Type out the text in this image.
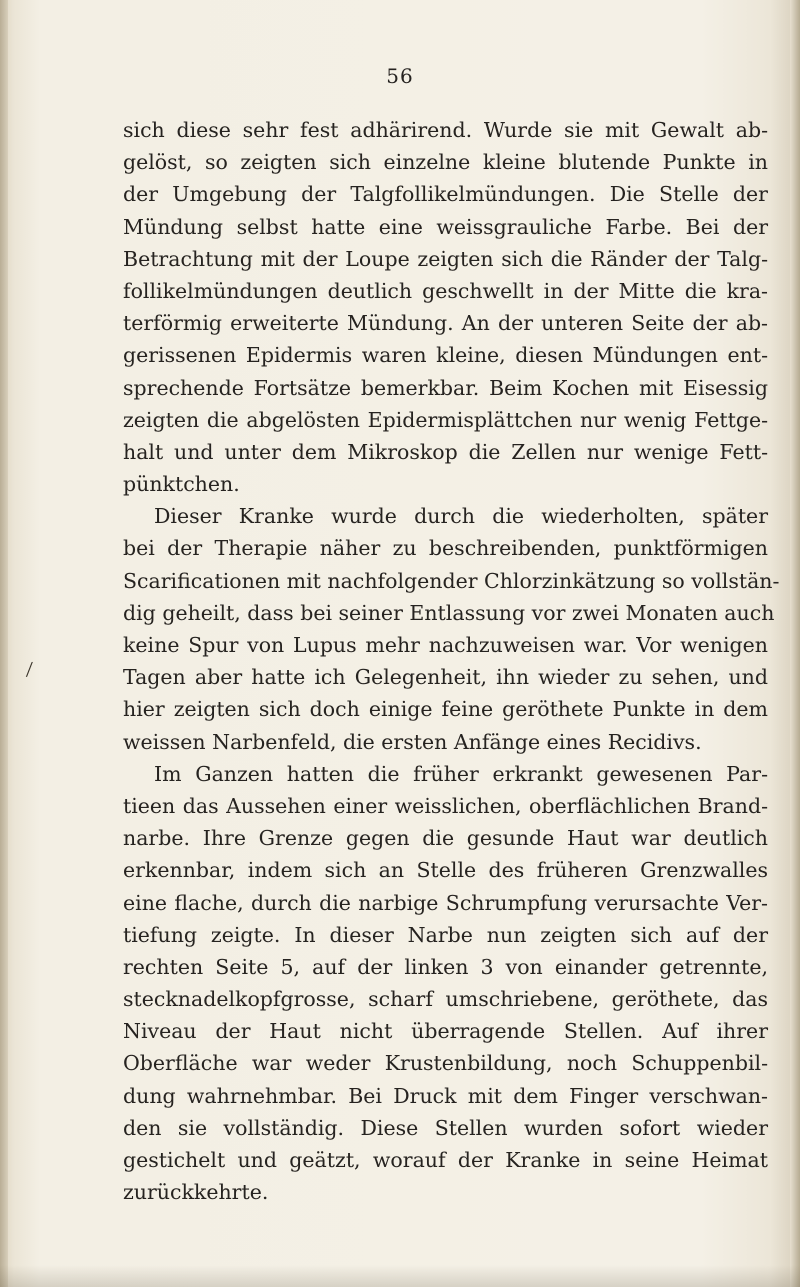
56
⁄
sich diese sehr fest adhärirend. Wurde sie mit Gewalt ab-
gelöst, so zeigten sich einzelne kleine blutende Punkte in
der Umgebung der Talgfollikelmündungen. Die Stelle der
Mündung selbst hatte eine weissgrauliche Farbe. Bei der
Betrachtung mit der Loupe zeigten sich die Ränder der Talg-
follikelmündungen deutlich geschwellt in der Mitte die kra-
terförmig erweiterte Mündung. An der unteren Seite der ab-
gerissenen Epidermis waren kleine, diesen Mündungen ent-
sprechende Fortsätze bemerkbar. Beim Kochen mit Eisessig
zeigten die abgelösten Epidermisplättchen nur wenig Fettge-
halt und unter dem Mikroskop die Zellen nur wenige Fett-
pünktchen.
Dieser Kranke wurde durch die wiederholten, später
bei der Therapie näher zu beschreibenden, punktförmigen
Scarificationen mit nachfolgender Chlorzinkätzung so vollstän-
dig geheilt, dass bei seiner Entlassung vor zwei Monaten auch
keine Spur von Lupus mehr nachzuweisen war. Vor wenigen
Tagen aber hatte ich Gelegenheit, ihn wieder zu sehen, und
hier zeigten sich doch einige feine geröthete Punkte in dem
weissen Narbenfeld, die ersten Anfänge eines Recidivs.
Im Ganzen hatten die früher erkrankt gewesenen Par-
tieen das Aussehen einer weisslichen, oberflächlichen Brand-
narbe. Ihre Grenze gegen die gesunde Haut war deutlich
erkennbar, indem sich an Stelle des früheren Grenzwalles
eine flache, durch die narbige Schrumpfung verursachte Ver-
tiefung zeigte. In dieser Narbe nun zeigten sich auf der
rechten Seite 5, auf der linken 3 von einander getrennte,
stecknadelkopfgrosse, scharf umschriebene, geröthete, das
Niveau der Haut nicht überragende Stellen. Auf ihrer
Oberfläche war weder Krustenbildung, noch Schuppenbil-
dung wahrnehmbar. Bei Druck mit dem Finger verschwan-
den sie vollständig. Diese Stellen wurden sofort wieder
gestichelt und geätzt, worauf der Kranke in seine Heimat
zurückkehrte.
